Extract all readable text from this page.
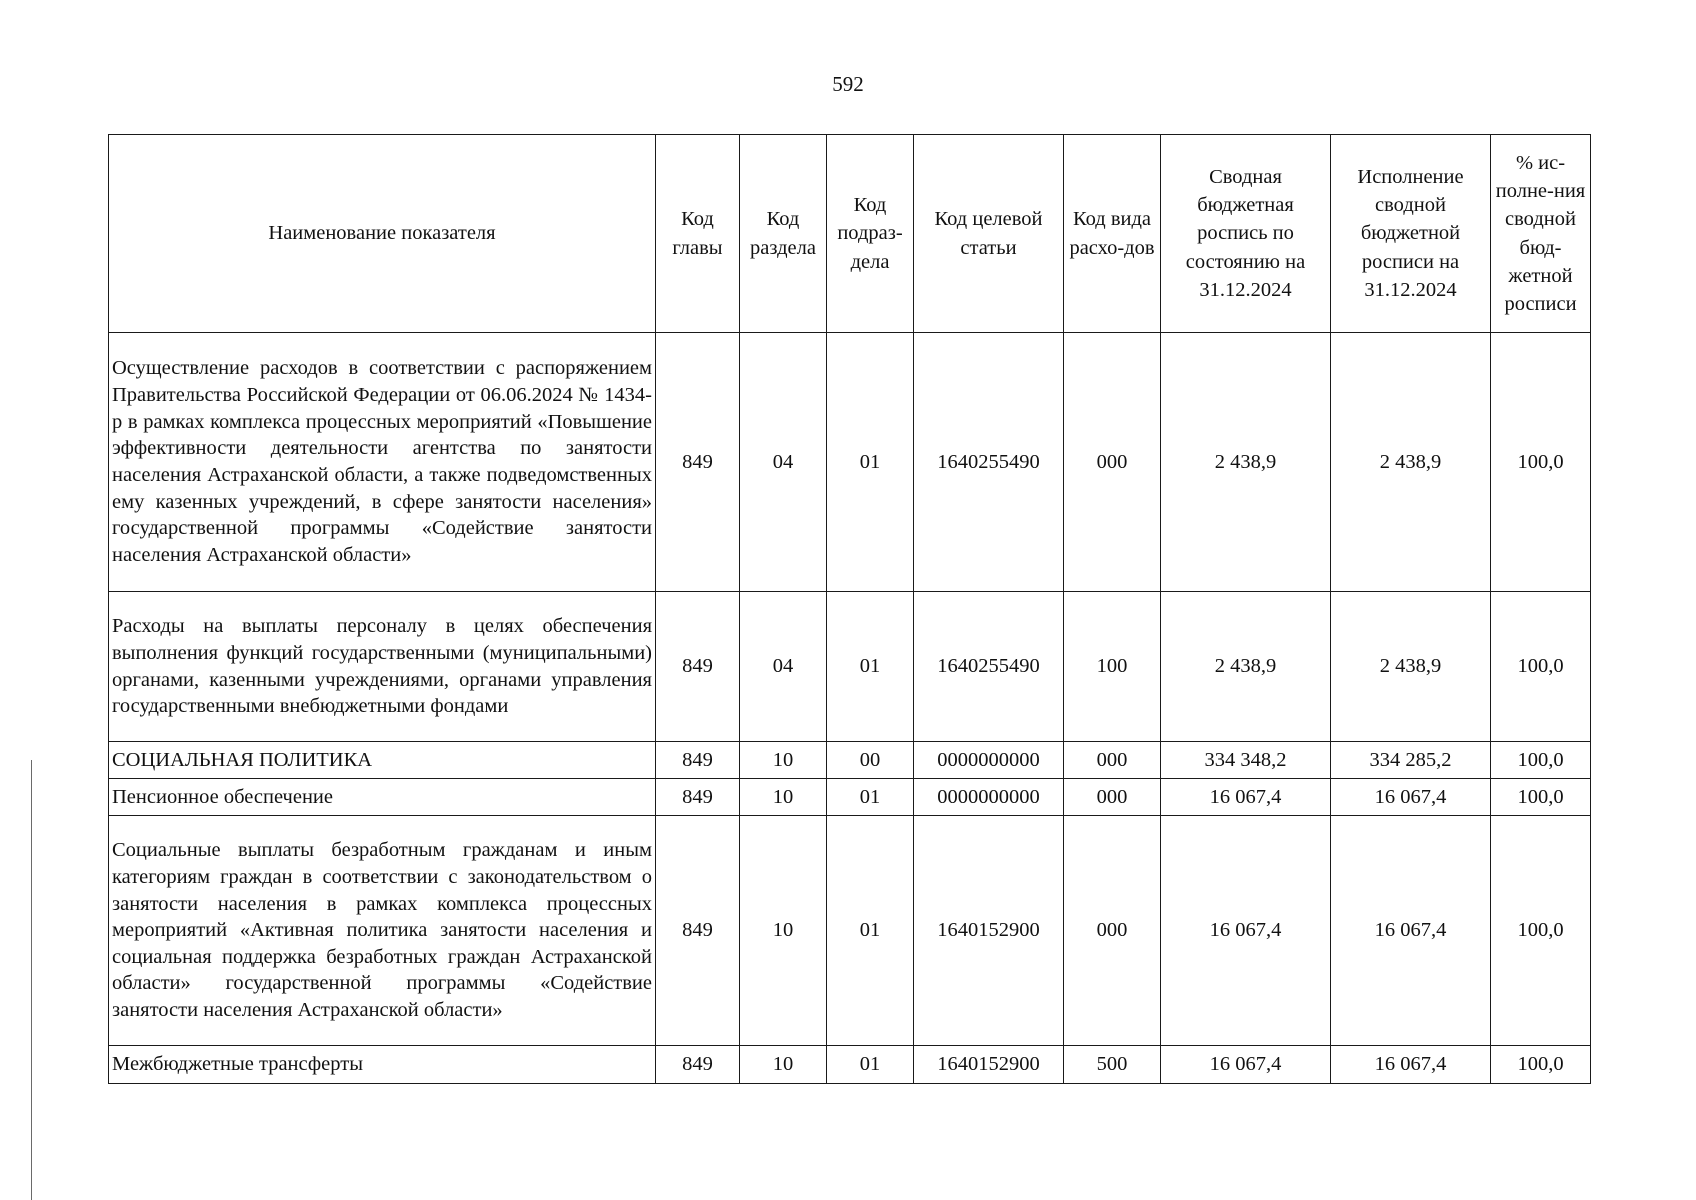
592
Наименование показателя	Код главы	Код раздела	Код подраз-дела	Код целевой статьи	Код вида расхо-дов	Сводная бюджетная роспись по состоянию на 31.12.2024	Исполнение сводной бюджетной росписи на 31.12.2024	% ис-полне-ния сводной бюд-жетной росписи
Осуществление расходов в соответствии с распоряжением Правительства Российской Федерации от 06.06.2024 № 1434-р в рамках комплекса процессных мероприятий «Повышение эффективности деятельности агентства по занятости населения Астраханской области, а также подведомственных ему казенных учреждений, в сфере занятости населения» государственной программы «Содействие занятости населения Астраханской области»	849	04	01	1640255490	000	2 438,9	2 438,9	100,0
Расходы на выплаты персоналу в целях обеспечения выполнения функций государственными (муниципальными) органами, казенными учреждениями, органами управления государственными внебюджетными фондами	849	04	01	1640255490	100	2 438,9	2 438,9	100,0
СОЦИАЛЬНАЯ ПОЛИТИКА	849	10	00	0000000000	000	334 348,2	334 285,2	100,0
Пенсионное обеспечение	849	10	01	0000000000	000	16 067,4	16 067,4	100,0
Социальные выплаты безработным гражданам и иным категориям граждан в соответствии с законодательством о занятости населения в рамках комплекса процессных мероприятий «Активная политика занятости населения и социальная поддержка безработных граждан Астраханской области» государственной программы «Содействие занятости населения Астраханской области»	849	10	01	1640152900	000	16 067,4	16 067,4	100,0
Межбюджетные трансферты	849	10	01	1640152900	500	16 067,4	16 067,4	100,0
